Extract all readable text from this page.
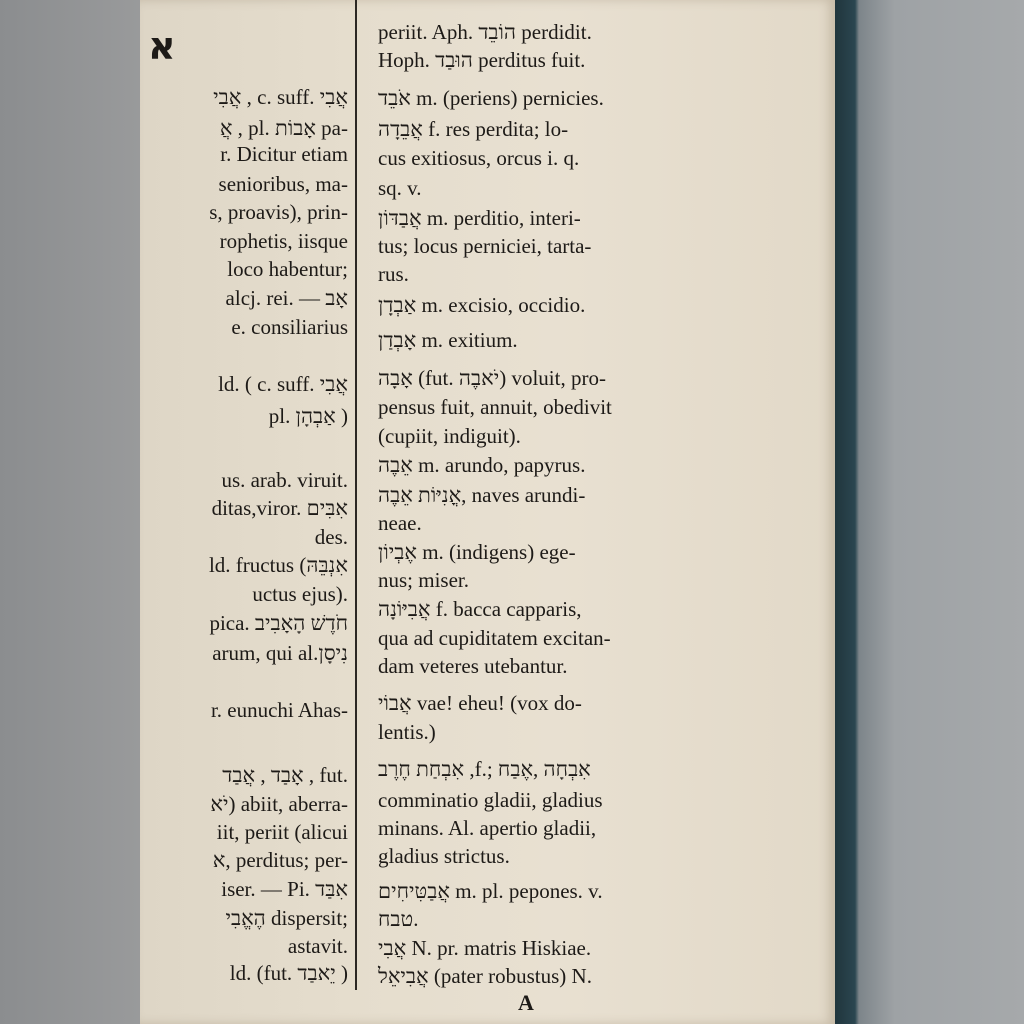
א
אֲבִי , c. suff. אֲבִי
אֲ , pl. אָבוֹת pa-
r. Dicitur etiam
senioribus, ma-
s, proavis), prin-
rophetis, iisque
loco habentur;
alcj. rei. — אָב
e. consiliarius
ld. ( c. suff. אֲבִי
pl. אַבְהָן )
us. arab. viruit.
ditas,viror. אִבִּים
des.
ld. fructus (אִנְבֵּהּ
uctus ejus).
pica. חֹדֶשׁ הָאָבִיב
arum, qui al.נִיסָן
r. eunuchi Ahas-
אָבַד , אֲבַד , fut.
יֹא) abiit, aberra-
iit, periit (alicui
א, perditus; per-
iser. — Pi. אִבַּד
הֶאֱבִי dispersit;
astavit.
ld. (fut. יֵאבַד )
periit. Aph. הוֹבֵד perdidit.
Hoph. הוּבַד perditus fuit.
אֹבֵד m. (periens) pernicies.
אֲבֵדָה f. res perdita; lo-
cus exitiosus, orcus i. q.
sq. v.
אֲבַדּוֹן m. perditio, interi-
tus; locus perniciei, tarta-
rus.
אַבְדָן m. excisio, occidio.
אָבְדַן m. exitium.
אָבָה (fut. יֹאבֶה) voluit, pro-
pensus fuit, annuit, obedivit
(cupiit, indiguit).
אֵבֶה m. arundo, papyrus.
אֳנִיּוֹת אֵבֶה, naves arundi-
neae.
אֶבְיוֹן m. (indigens) ege-
nus; miser.
אֲבִיּוֹנָה f. bacca capparis,
qua ad cupiditatem excitan-
dam veteres utebantur.
אֲבוֹי vae! eheu! (vox do-
lentis.)
אִבְחַת חֶרֶב ,f.; אִבְחָה ,אֶבַח
comminatio gladii, gladius
minans. Al. apertio gladii,
gladius strictus.
אֲבַטִּיחִים m. pl. pepones. v.
טבח.
אֲבִי N. pr. matris Hiskiae.
אֲבִיאֵל (pater robustus) N.
A
